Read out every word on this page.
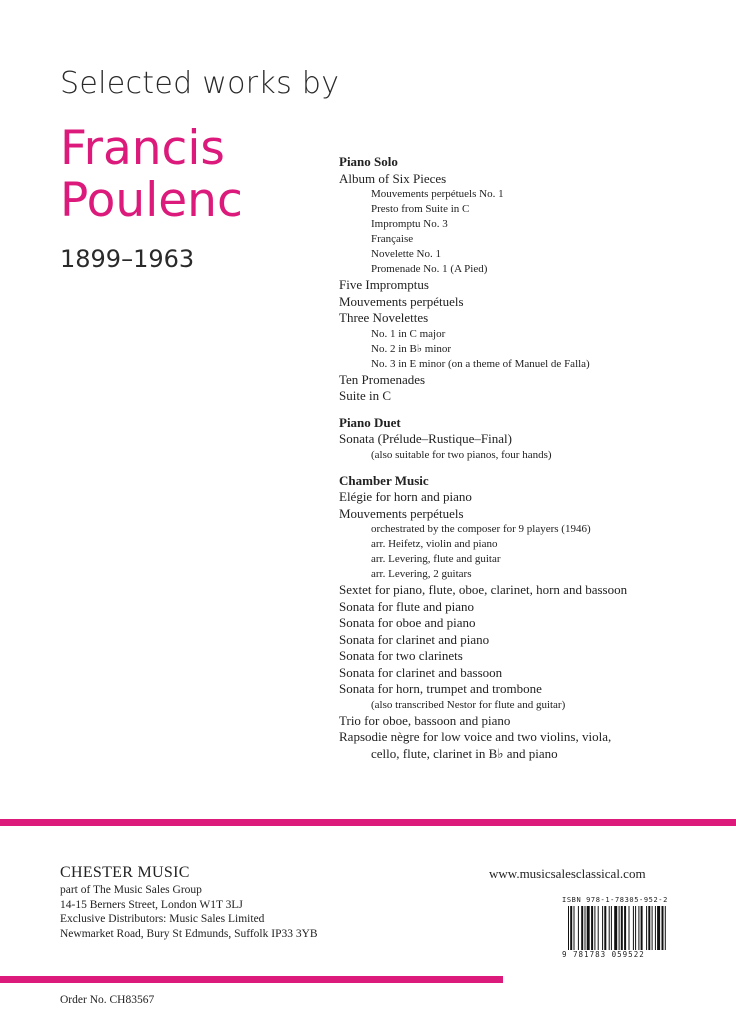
Selected works by
Francis
Poulenc
1899–1963
Piano Solo
Album of Six Pieces
Mouvements perpétuels No. 1
Presto from Suite in C
Impromptu No. 3
Française
Novelette No. 1
Promenade No. 1 (A Pied)
Five Impromptus
Mouvements perpétuels
Three Novelettes
No. 1 in C major
No. 2 in B♭ minor
No. 3 in E minor (on a theme of Manuel de Falla)
Ten Promenades
Suite in C
Piano Duet
Sonata (Prélude–Rustique–Final)
(also suitable for two pianos, four hands)
Chamber Music
Elégie for horn and piano
Mouvements perpétuels
orchestrated by the composer for 9 players (1946)
arr. Heifetz, violin and piano
arr. Levering, flute and guitar
arr. Levering, 2 guitars
Sextet for piano, flute, oboe, clarinet, horn and bassoon
Sonata for flute and piano
Sonata for oboe and piano
Sonata for clarinet and piano
Sonata for two clarinets
Sonata for clarinet and bassoon
Sonata for horn, trumpet and trombone
(also transcribed Nestor for flute and guitar)
Trio for oboe, bassoon and piano
Rapsodie nègre for low voice and two violins, viola,
cello, flute, clarinet in B♭ and piano
CHESTER MUSIC
part of The Music Sales Group
14-15 Berners Street, London W1T 3LJ
Exclusive Distributors: Music Sales Limited
Newmarket Road, Bury St Edmunds, Suffolk IP33 3YB
www.musicsalesclassical.com
ISBN 978-1-78305-952-2
9 781783 059522
Order No. CH83567
